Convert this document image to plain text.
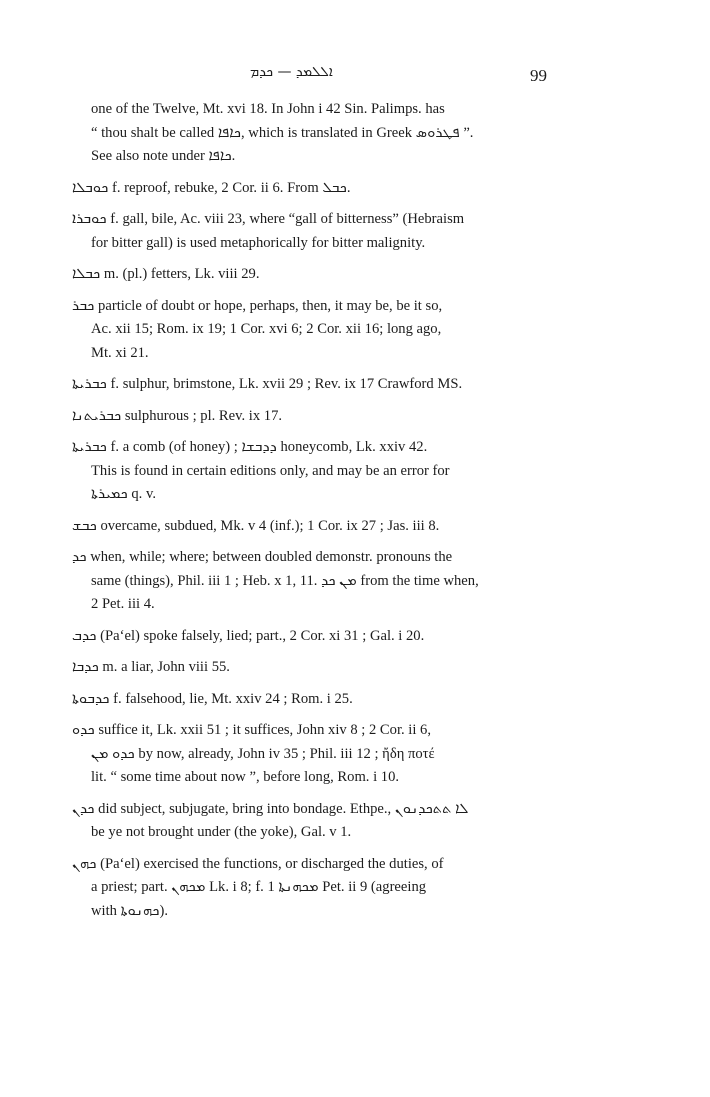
ܐܠܠܡܕ — ܟܕܡ	99
one of the Twelve, Mt. xvi 18. In John i 42 Sin. Palimps. has
“ thou shalt be called ܟܐܦܐ, which is translated in Greek ܦܛܪܘܣ ”.
See also note under ܟܐܦܐ.
ܟܘܒܠܐ f. reproof, rebuke, 2 Cor. ii 6. From ܟܒܠ.
ܟܘܒܪܐ f. gall, bile, Ac. viii 23, where “gall of bitterness” (Hebraism
for bitter gall) is used metaphorically for bitter malignity.
ܟܒܠܐ m. (pl.) fetters, Lk. viii 29.
ܟܒܪ particle of doubt or hope, perhaps, then, it may be, be it so,
Ac. xii 15; Rom. ix 19; 1 Cor. xvi 6; 2 Cor. xii 16; long ago,
Mt. xi 21.
ܟܒܪܝܬܐ f. sulphur, brimstone, Lk. xvii 29 ; Rev. ix 17 Crawford MS.
ܟܒܪܝܬܢܐ sulphurous ; pl. Rev. ix 17.
ܟܒܪܝܬܐ f. a comb (of honey) ; ܕܕܒܫܐ honeycomb, Lk. xxiv 42.
This is found in certain editions only, and may be an error for
ܟܡܝܪܬܐ q. v.
ܟܒܫ overcame, subdued, Mk. v 4 (inf.); 1 Cor. ix 27 ; Jas. iii 8.
ܟܕ when, while; where; between doubled demonstr. pronouns the
same (things), Phil. iii 1 ; Heb. x 1, 11. ܡܢ ܟܕ from the time when,
2 Pet. iii 4.
ܟܕܒ (Pa‘el) spoke falsely, lied; part., 2 Cor. xi 31 ; Gal. i 20.
ܟܕܒܐ m. a liar, John viii 55.
ܟܕܒܘܬܐ f. falsehood, lie, Mt. xxiv 24 ; Rom. i 25.
ܟܕܘ suffice it, Lk. xxii 51 ; it suffices, John xiv 8 ; 2 Cor. ii 6,
ܟܕܘ ܡܢ by now, already, John iv 35 ; Phil. iii 12 ; ἤδη ποτέ
lit. “ some time about now ”, before long, Rom. i 10.
ܟܕܢ did subject, subjugate, bring into bondage. Ethpe., ܠܐ ܬܬܟܕܢܘܢ
be ye not brought under (the yoke), Gal. v 1.
ܟܗܢ (Pa‘el) exercised the functions, or discharged the duties, of
a priest; part. ܡܟܗܢ Lk. i 8; f. ܡܟܗܢܬܐ 1 Pet. ii 9 (agreeing
with ܟܗܢܘܬܐ).
